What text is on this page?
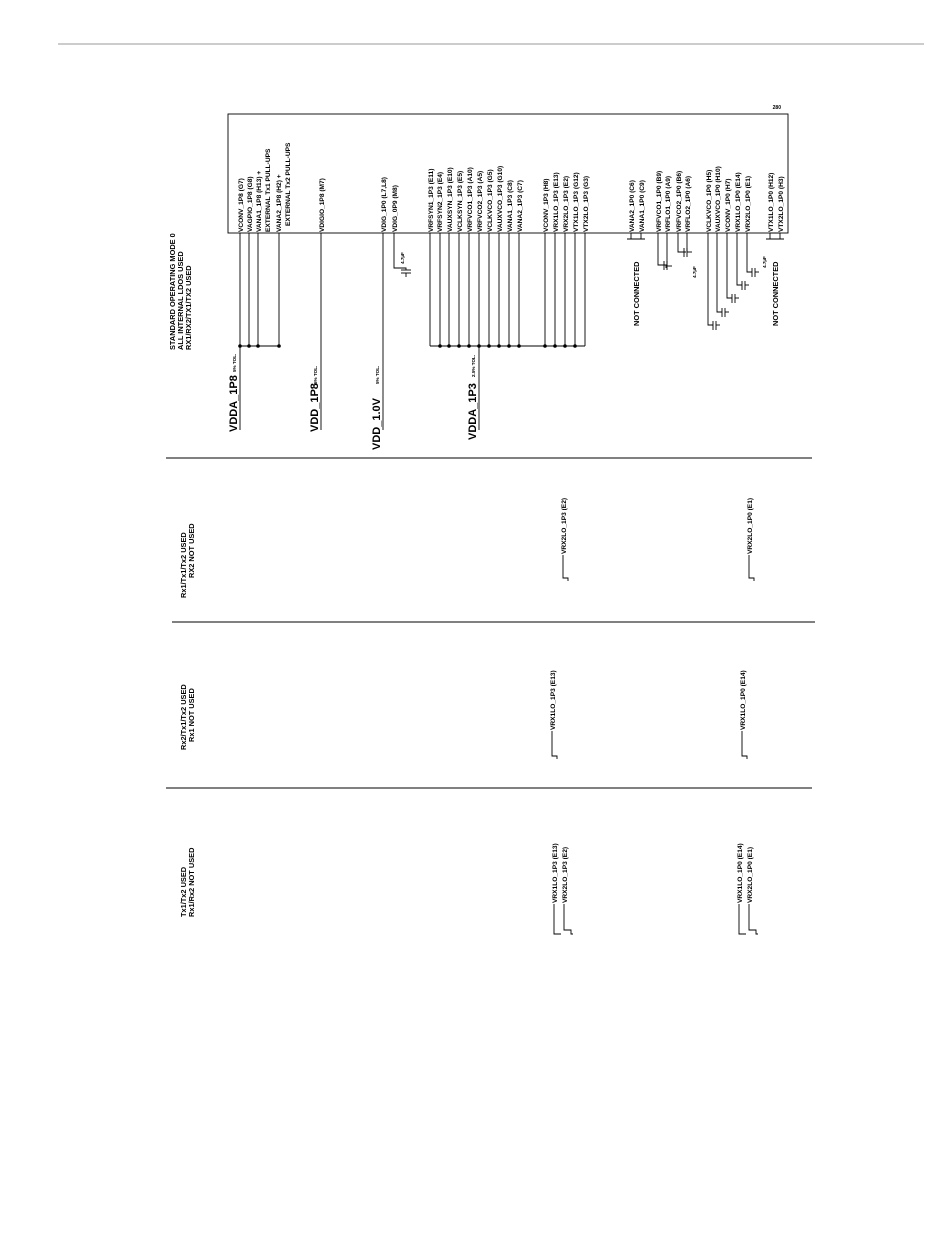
280
STANDARD OPERATING MODE 0 ALL INTERNAL LDOS USED RX1/RX2/TX1/TX2 USED
VCONV_1P8 (G7) VAGPIO_1P8 (G8) VANA1_1P8 (H13) + EXTERNAL Tx1 PULL-UPS VANA2_1P8 (H2) + EXTERNAL Tx2 PULL-UPS
VDDA_1P8
5% TOL.
VDIGIO_1P8 (M7)
VDD_1P8
5% TOL.
VDIG_1P0 (L7,L8) VDIG_0P9 (M8)
4.7µF
VDD_1.0V
5% TOL.
VRFSYN1_1P3 (E11) VRFSYN2_1P3 (E4) VAUXSYN_1P3 (E10) VCLKSYN_1P3 (E5) VRFVCO1_1P3 (A10) VRFVCO2_1P3 (A5) VCLKVCO_1P3 (G5) VAUXVCO_1P3 (G10) VANA1_1P3 (C8) VANA2_1P3 (C7)	VCONV_1P3 (H8) VRX1LO_1P3 (E13) VRX2LO_1P3 (E2) VTX1LO_1P3 (G12) VTX2LO_1P3 (G3)
VDDA_1P3
2.5% TOL.
VANA2_1P0 (C6) VANA1_1P0 (C9)
NOT CONNECTED
VRFVCO1_1P0 (B9) VRFLO1_1P0 (A9) VRFVCO2_1P0 (B6) VRFLO2_1P0 (A6)
4.7µF
VCLKVCO_1P0 (H5) VAUXVCO_1P0 (H10) VCONV_1P0 (H7) VRX1LO_1P0 (E14) VRX2LO_1P0 (E1)
4.7µF
VTX1LO_1P0 (H12) VTX2LO_1P0 (H3)
NOT CONNECTED
Rx1/Tx1/Tx2 USED RX2 NOT USED	VRX2LO_1P3 (E2)	VRX2LO_1P0 (E1)
Rx2/Tx1/Tx2 USED Rx1 NOT USED	VRX1LO_1P3 (E13)	VRX1LO_1P0 (E14)
Tx1/Tx2 USED Rx1/Rx2 NOT USED	VRX1LO_1P3 (E13) VRX2LO_1P3 (E2)	VRX1LO_1P0 (E14) VRX2LO_1P0 (E1)
